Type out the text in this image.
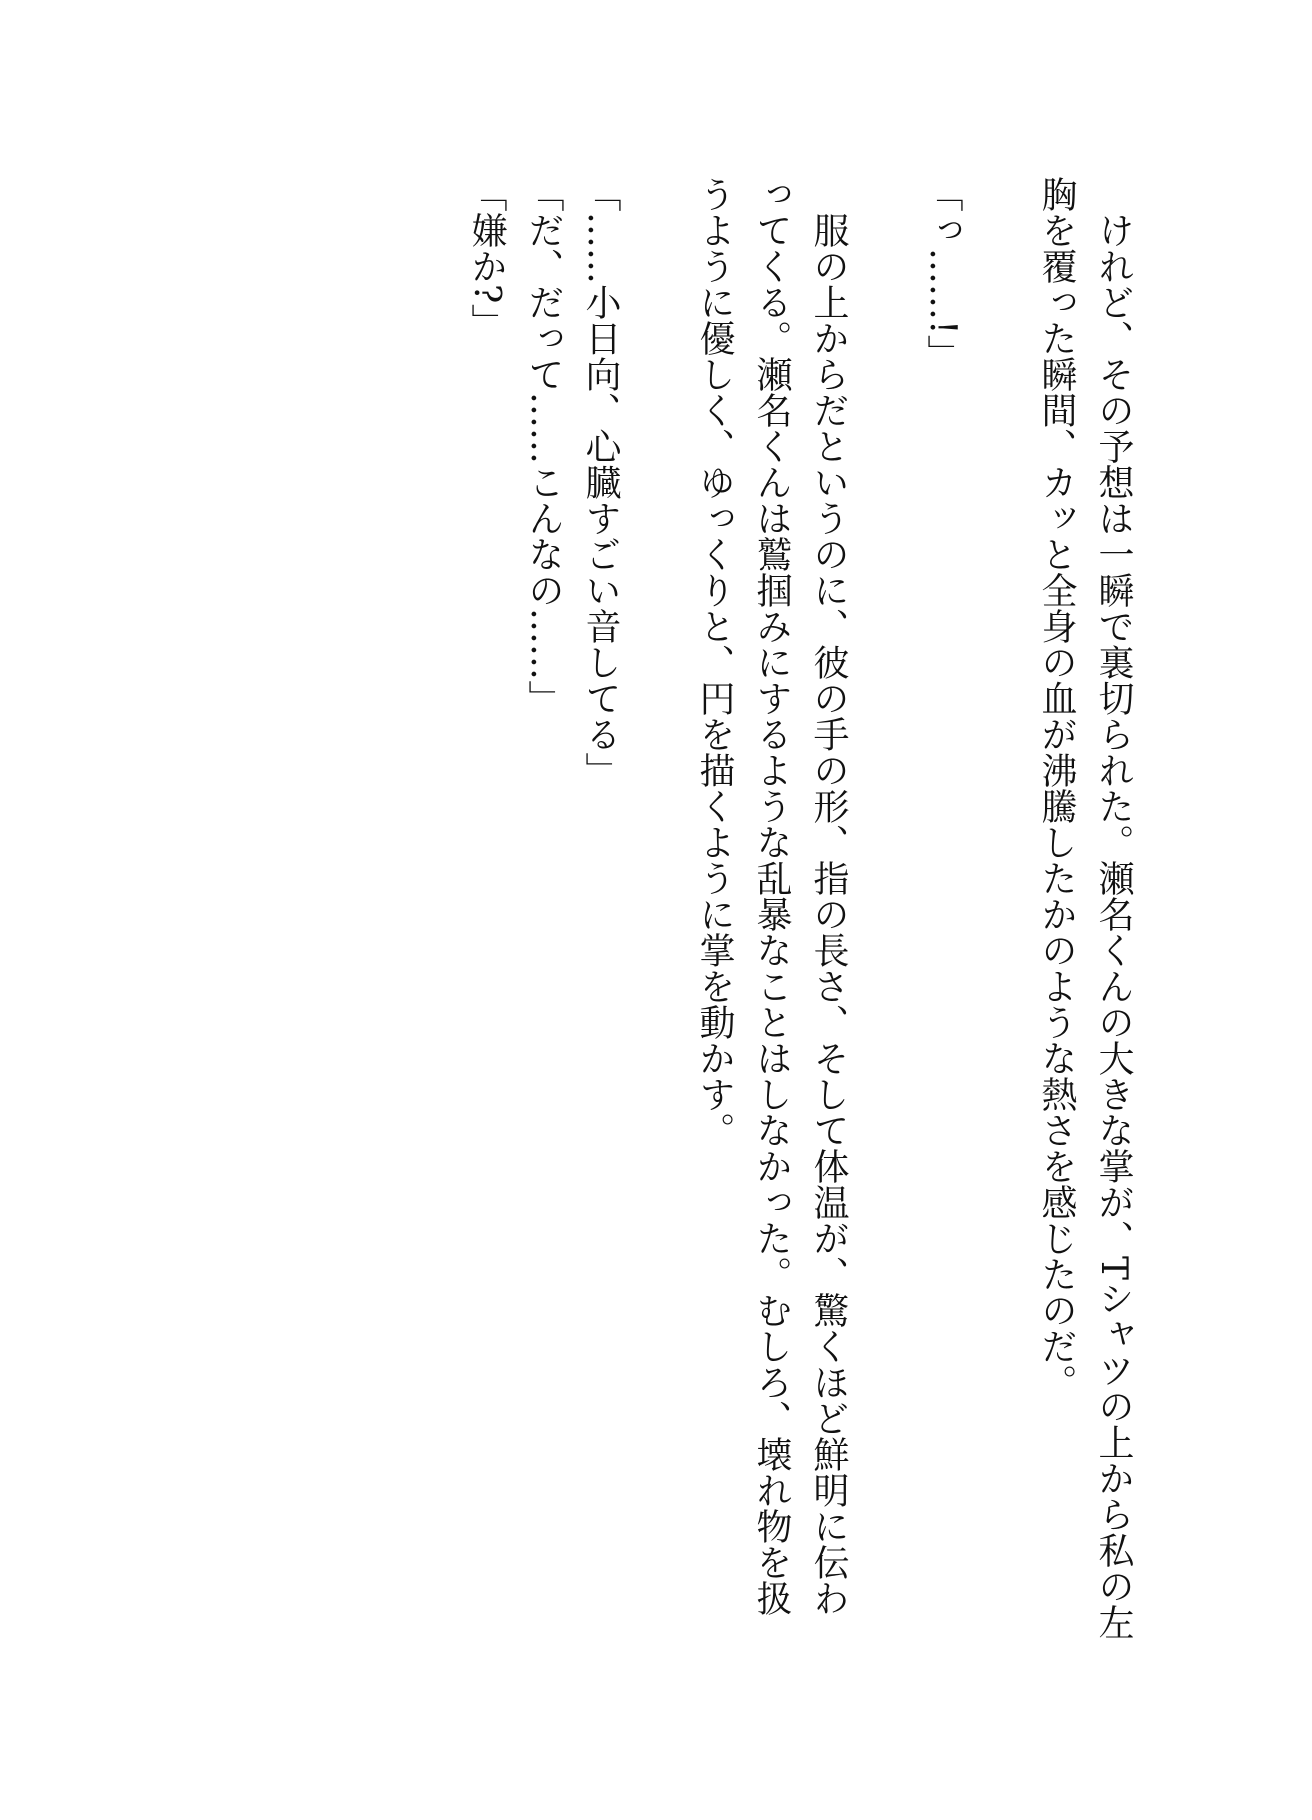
けれど、その予想は一瞬で裏切られた。瀬名くんの大きな掌が、Tシャツの上から私の左胸を覆った瞬間、カッと全身の血が沸騰したかのような熱さを感じたのだ。

「っ……!」

服の上からだというのに、彼の手の形、指の長さ、そして体温が、驚くほど鮮明に伝わってくる。瀬名くんは鷲掴みにするような乱暴なことはしなかった。むしろ、壊れ物を扱うように優しく、ゆっくりと、円を描くように掌を動かす。

「……小日向、心臓すごい音してる」

「だ、だって……こんなの……」

「嫌か?」
